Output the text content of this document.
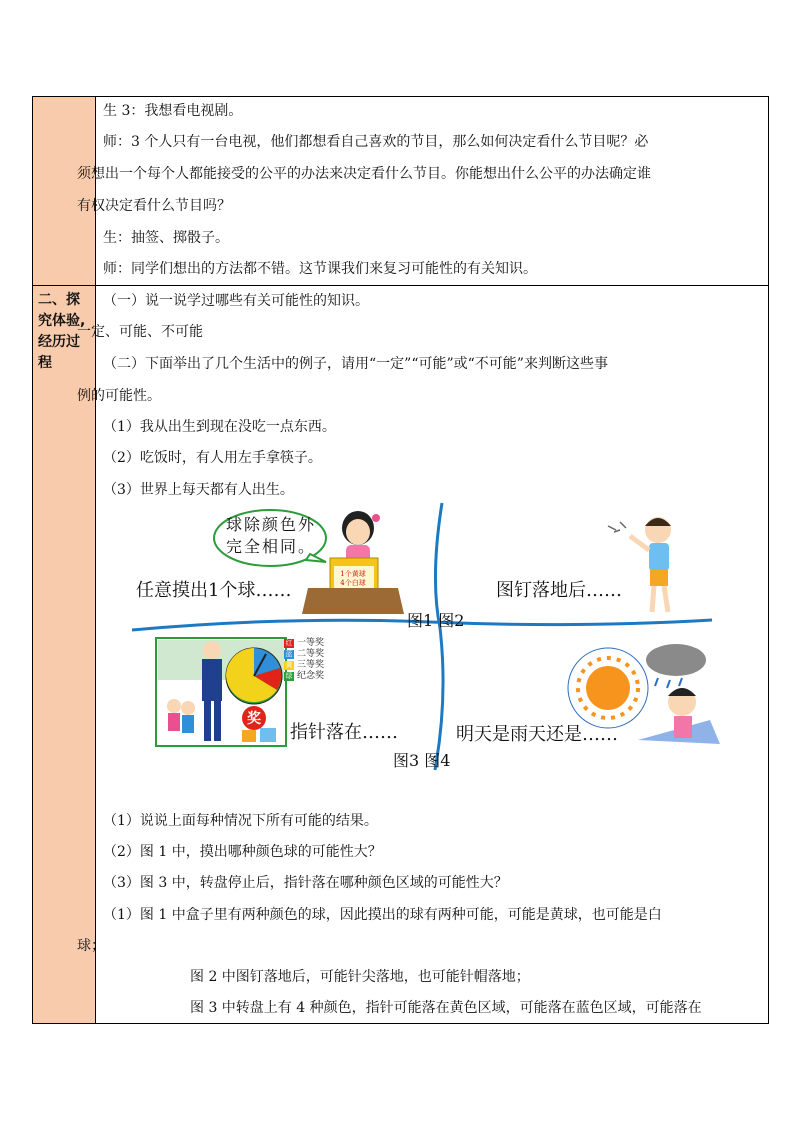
二、探
究体验,
经历过
程
生 3：我想看电视剧。
师：3 个人只有一台电视，他们都想看自己喜欢的节目，那么如何决定看什么节目呢？必
须想出一个每个人都能接受的公平的办法来决定看什么节目。你能想出什么公平的办法确定谁
有权决定看什么节目吗？
生：抽签、掷骰子。
师：同学们想出的方法都不错。这节课我们来复习可能性的有关知识。
（一）说一说学过哪些有关可能性的知识。
一定、可能、不可能
（二）下面举出了几个生活中的例子，请用“一定”“可能”或“不可能”来判断这些事
例的可能性。
（1）我从出生到现在没吃一点东西。
（2）吃饭时，有人用左手拿筷子。
（3）世界上每天都有人出生。
球除颜色外
完全相同。
1个黄球
4个白球
任意摸出1个球……	图钉落地后……
图1 图2
红 一等奖
蓝 二等奖
黄 三等奖
绿 纪念奖
奖
指针落在……	明天是雨天还是……
图3 图4
（1）说说上面每种情况下所有可能的结果。
（2）图 1 中，摸出哪种颜色球的可能性大？
（3）图 3 中，转盘停止后，指针落在哪种颜色区域的可能性大？
（1）图 1 中盒子里有两种颜色的球，因此摸出的球有两种可能，可能是黄球，也可能是白
球；
图 2 中图钉落地后，可能针尖落地，也可能针帽落地；
图 3 中转盘上有 4 种颜色，指针可能落在黄色区域，可能落在蓝色区域，可能落在
